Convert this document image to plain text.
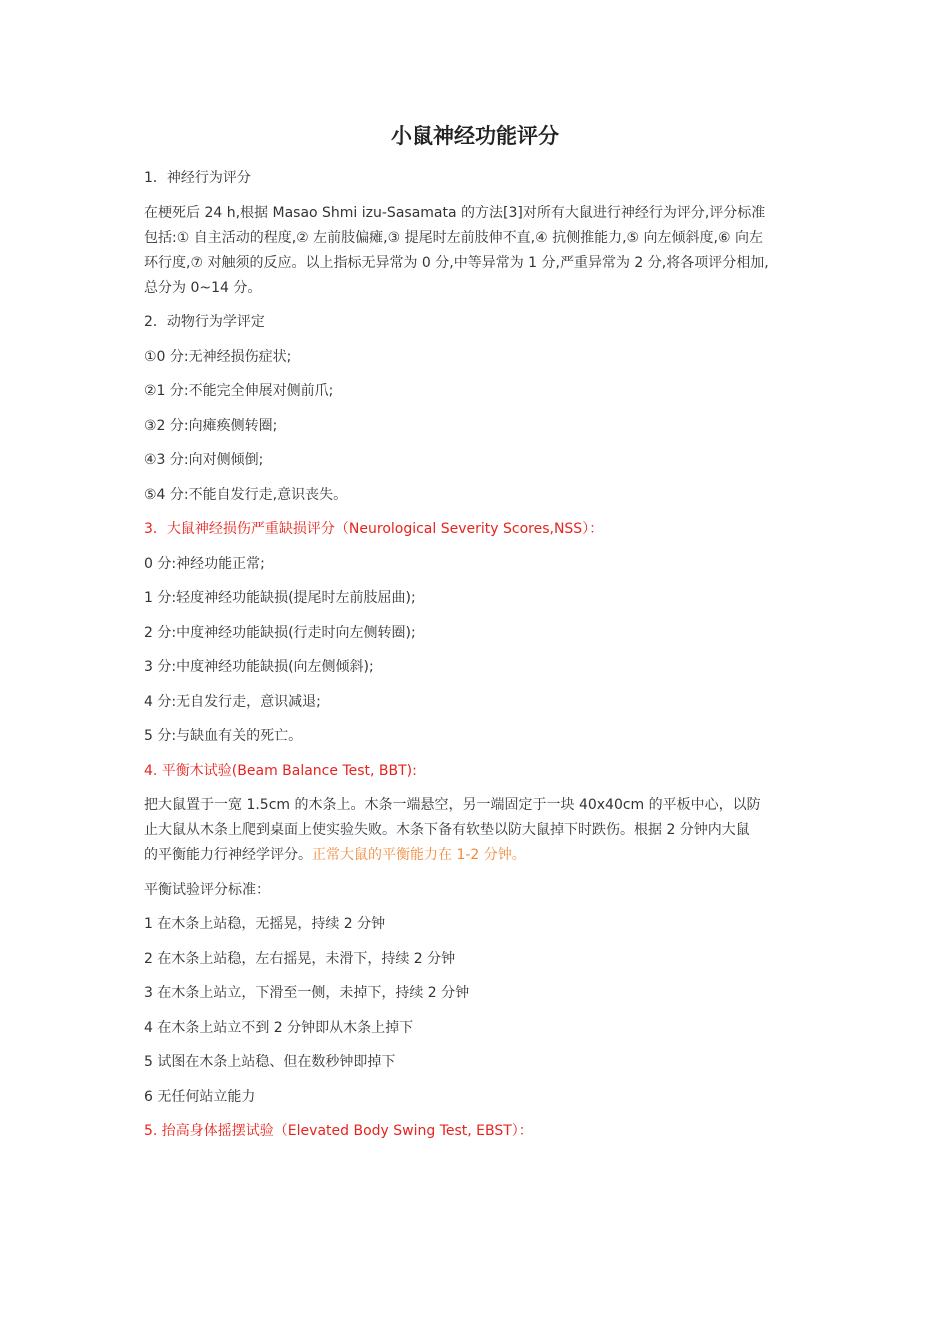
小鼠神经功能评分
1．神经行为评分
在梗死后 24 h,根据 Masao Shmi izu-Sasamata 的方法[3]对所有大鼠进行神经行为评分,评分标准
包括:① 自主活动的程度,② 左前肢偏瘫,③ 提尾时左前肢伸不直,④ 抗侧推能力,⑤ 向左倾斜度,⑥ 向左
环行度,⑦ 对触须的反应。以上指标无异常为 0 分,中等异常为 1 分,严重异常为 2 分,将各项评分相加,
总分为 0~14 分。
2．动物行为学评定
①0 分:无神经损伤症状;
②1 分:不能完全伸展对侧前爪;
③2 分:向瘫痪侧转圈;
④3 分:向对侧倾倒;
⑤4 分:不能自发行走,意识丧失。
3．大鼠神经损伤严重缺损评分（Neurological Severity Scores,NSS）：
0 分:神经功能正常;
1 分:轻度神经功能缺损(提尾时左前肢屈曲);
2 分:中度神经功能缺损(行走时向左侧转圈);
3 分:中度神经功能缺损(向左侧倾斜);
4 分:无自发行走，意识减退;
5 分:与缺血有关的死亡。
4. 平衡木试验(Beam Balance Test, BBT):
把大鼠置于一宽 1.5cm 的木条上。木条一端悬空，另一端固定于一块 40x40cm 的平板中心，以防
止大鼠从木条上爬到桌面上使实验失败。木条下备有软垫以防大鼠掉下时跌伤。根据 2 分钟内大鼠
的平衡能力行神经学评分。正常大鼠的平衡能力在 1-2 分钟。
平衡试验评分标准：
1 在木条上站稳，无摇晃，持续 2 分钟
2 在木条上站稳，左右摇晃，未滑下，持续 2 分钟
3 在木条上站立，下滑至一侧，未掉下，持续 2 分钟
4 在木条上站立不到 2 分钟即从木条上掉下
5 试图在木条上站稳、但在数秒钟即掉下
6 无任何站立能力
5. 抬高身体摇摆试验（Elevated Body Swing Test, EBST）：
